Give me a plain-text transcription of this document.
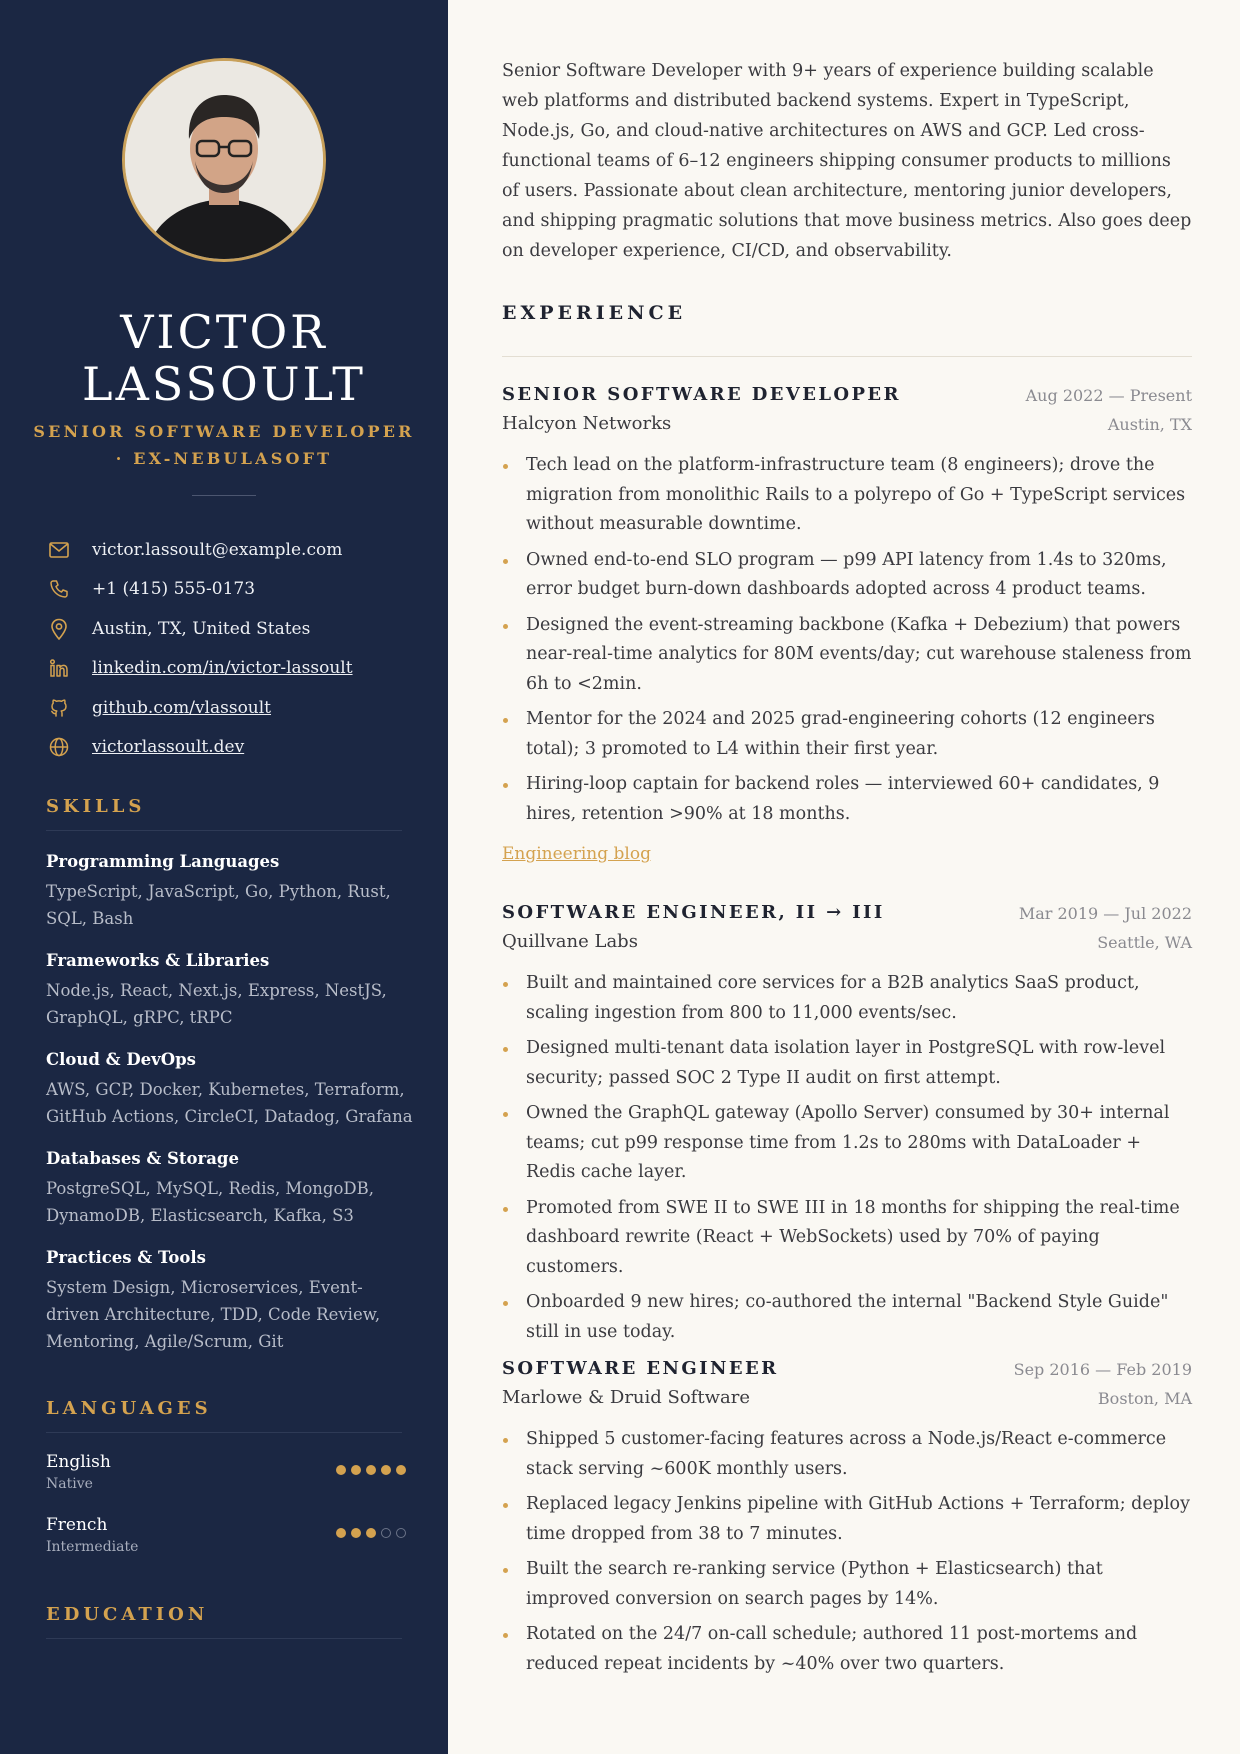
VICTOR
LASSOULT
SENIOR SOFTWARE DEVELOPER · EX-NEBULASOFT
victor.lassoult@example.com
+1 (415) 555-0173
Austin, TX, United States
linkedin.com/in/victor-lassoult
github.com/vlassoult
victorlassoult.dev
SKILLS
Programming Languages
TypeScript, JavaScript, Go, Python, Rust, SQL, Bash
Frameworks & Libraries
Node.js, React, Next.js, Express, NestJS, GraphQL, gRPC, tRPC
Cloud & DevOps
AWS, GCP, Docker, Kubernetes, Terraform, GitHub Actions, CircleCI, Datadog, Grafana
Databases & Storage
PostgreSQL, MySQL, Redis, MongoDB, DynamoDB, Elasticsearch, Kafka, S3
Practices & Tools
System Design, Microservices, Event-driven Architecture, TDD, Code Review, Mentoring, Agile/Scrum, Git
LANGUAGES
English
Native
French
Intermediate
EDUCATION
Senior Software Developer with 9+ years of experience building scalable web platforms and distributed backend systems. Expert in TypeScript, Node.js, Go, and cloud-native architectures on AWS and GCP. Led cross-functional teams of 6–12 engineers shipping consumer products to millions of users. Passionate about clean architecture, mentoring junior developers, and shipping pragmatic solutions that move business metrics. Also goes deep on developer experience, CI/CD, and observability.
EXPERIENCE
SENIOR SOFTWARE DEVELOPER	Aug 2022 — Present
Halcyon Networks	Austin, TX
Tech lead on the platform-infrastructure team (8 engineers); drove the migration from monolithic Rails to a polyrepo of Go + TypeScript services without measurable downtime.
Owned end-to-end SLO program — p99 API latency from 1.4s to 320ms, error budget burn-down dashboards adopted across 4 product teams.
Designed the event-streaming backbone (Kafka + Debezium) that powers near-real-time analytics for 80M events/day; cut warehouse staleness from 6h to <2min.
Mentor for the 2024 and 2025 grad-engineering cohorts (12 engineers total); 3 promoted to L4 within their first year.
Hiring-loop captain for backend roles — interviewed 60+ candidates, 9 hires, retention >90% at 18 months.
Engineering blog
SOFTWARE ENGINEER, II → III	Mar 2019 — Jul 2022
Quillvane Labs	Seattle, WA
Built and maintained core services for a B2B analytics SaaS product, scaling ingestion from 800 to 11,000 events/sec.
Designed multi-tenant data isolation layer in PostgreSQL with row-level security; passed SOC 2 Type II audit on first attempt.
Owned the GraphQL gateway (Apollo Server) consumed by 30+ internal teams; cut p99 response time from 1.2s to 280ms with DataLoader + Redis cache layer.
Promoted from SWE II to SWE III in 18 months for shipping the real-time dashboard rewrite (React + WebSockets) used by 70% of paying customers.
Onboarded 9 new hires; co-authored the internal "Backend Style Guide" still in use today.
SOFTWARE ENGINEER	Sep 2016 — Feb 2019
Marlowe & Druid Software	Boston, MA
Shipped 5 customer-facing features across a Node.js/React e-commerce stack serving ~600K monthly users.
Replaced legacy Jenkins pipeline with GitHub Actions + Terraform; deploy time dropped from 38 to 7 minutes.
Built the search re-ranking service (Python + Elasticsearch) that improved conversion on search pages by 14%.
Rotated on the 24/7 on-call schedule; authored 11 post-mortems and reduced repeat incidents by ~40% over two quarters.
